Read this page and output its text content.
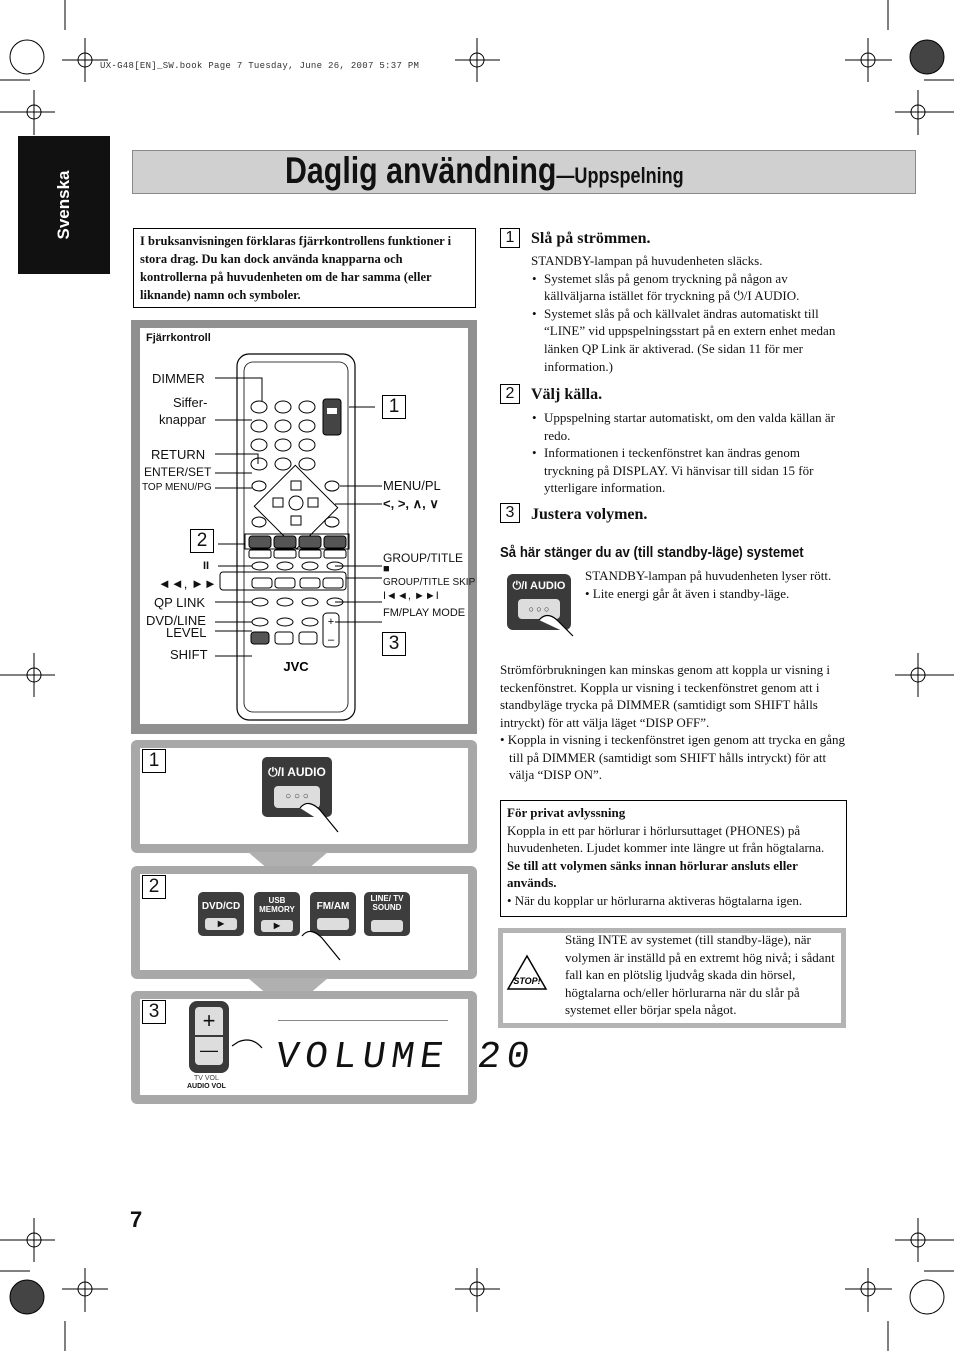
UX-G48[EN]_SW.book Page 7 Tuesday, June 26, 2007 5:37 PM
Svenska	Daglig användning—Uppspelning
I bruksanvisningen förklaras fjärrkontrollens funktioner i stora drag. Du kan dock använda knapparna och kontrollerna på huvudenheten om de har samma (eller liknande) namn och symboler.
Fjärrkontroll
+
–
JVC
1
2
3
DIMMER
Siffer-
knappar
RETURN
ENTER/SET
TOP MENU/PG	MENU/PL
<, >, ∧, ∨
GROUP/TITLE
■
II
◄◄, ►►	GROUP/TITLE SKIP
I◄◄, ►►I
QP LINK
FM/PLAY MODE
DVD/LINE
LEVEL
SHIFT
1
⏻/I AUDIO
○ ○ ○
2
DVD/CD
▶
USB MEMORY
▶
FM/AM
LINE/ TV SOUND
3	+
—
TV VOL
AUDIO VOL
VOLUME 20
1	Slå på strömmen.
STANDBY-lampan på huvudenheten släcks.
• Systemet slås på genom tryckning på någon av källväljarna istället för tryckning på ⏻/I AUDIO.
• Systemet slås på och källvalet ändras automatiskt till “LINE” vid uppspelningsstart på en extern enhet medan länken QP Link är aktiverad. (Se sidan 11 för mer information.)
2	Välj källa.
• Uppspelning startar automatiskt, om den valda källan är redo.
• Informationen i teckenfönstret kan ändras genom tryckning på DISPLAY. Vi hänvisar till sidan 15 för ytterligare information.
3	Justera volymen.
Så här stänger du av (till standby-läge) systemet
⏻/I AUDIO
○ ○ ○
STANDBY-lampan på huvudenheten lyser rött.
• Lite energi går åt även i standby-läge.
Strömförbrukningen kan minskas genom att koppla ur visning i teckenfönstret. Koppla ur visning i teckenfönstret genom att i standbyläge trycka på DIMMER (samtidigt som SHIFT hålls intryckt) för att välja läget “DISP OFF”.
• Koppla in visning i teckenfönstret igen genom att trycka en gång till på DIMMER (samtidigt som SHIFT hålls intryckt) för att välja “DISP ON”.
För privat avlyssning
Koppla in ett par hörlurar i hörlursuttaget (PHONES) på huvudenheten. Ljudet kommer inte längre ut från högtalarna. Se till att volymen sänks innan hörlurar ansluts eller används.
• När du kopplar ur hörlurarna aktiveras högtalarna igen.
STOP!
Stäng INTE av systemet (till standby-läge), när volymen är inställd på en extremt hög nivå; i sådant fall kan en plötslig ljudvåg skada din hörsel, högtalarna och/eller hörlurarna när du slår på systemet eller börjar spela något.
7
